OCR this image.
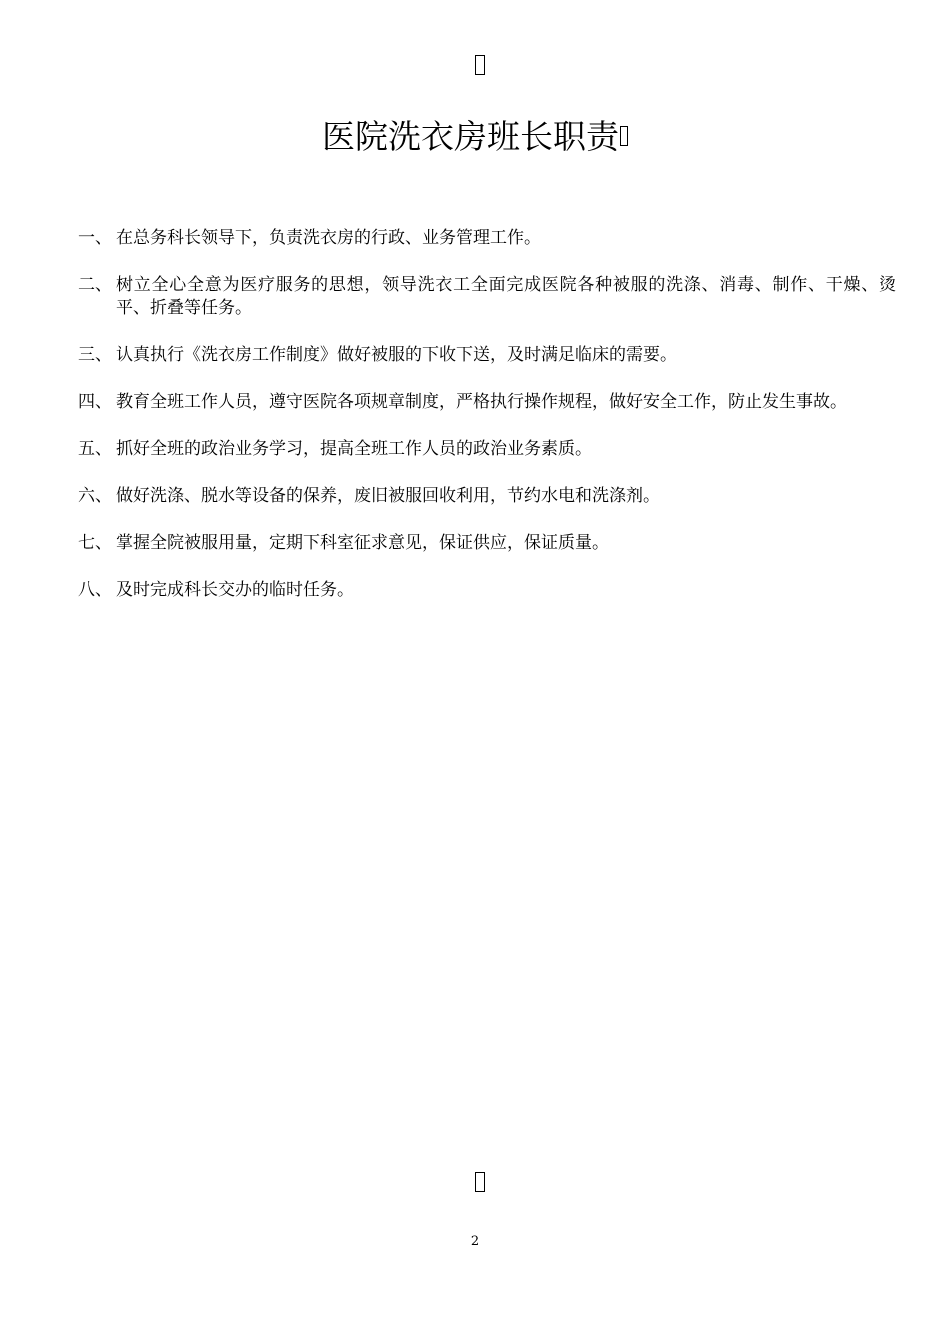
医院洗衣房班长职责
一、 在总务科长领导下，负责洗衣房的行政、业务管理工作。
二、 树立全心全意为医疗服务的思想，领导洗衣工全面完成医院各种被服的洗涤、消毒、制作、干燥、烫平、折叠等任务。
三、 认真执行《洗衣房工作制度》做好被服的下收下送，及时满足临床的需要。
四、 教育全班工作人员，遵守医院各项规章制度，严格执行操作规程，做好安全工作，防止发生事故。
五、 抓好全班的政治业务学习，提高全班工作人员的政治业务素质。
六、 做好洗涤、脱水等设备的保养，废旧被服回收利用，节约水电和洗涤剂。
七、 掌握全院被服用量，定期下科室征求意见，保证供应，保证质量。
八、 及时完成科长交办的临时任务。
2
